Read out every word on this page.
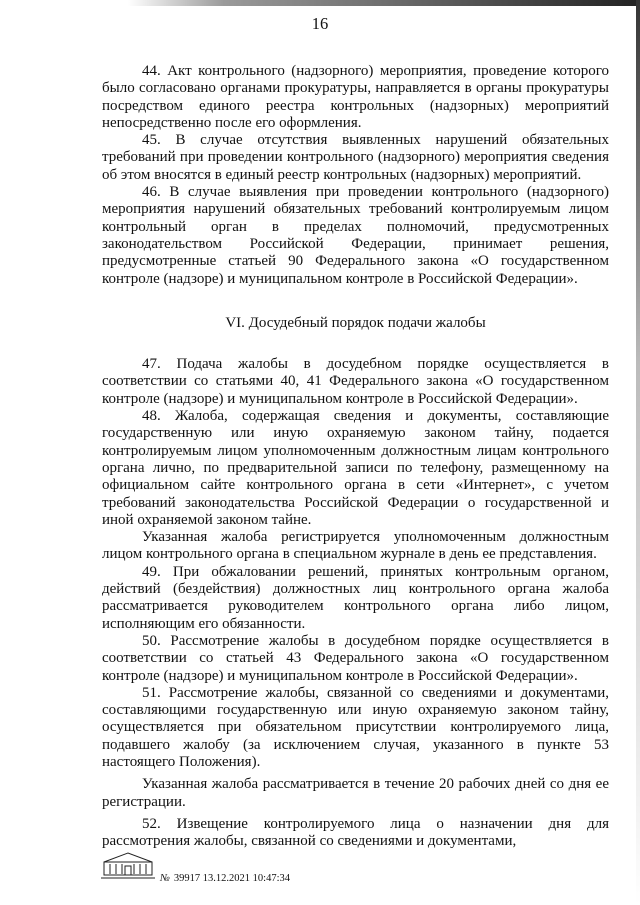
16

44. Акт контрольного (надзорного) мероприятия, проведение которого было согласовано органами прокуратуры, направляется в органы прокуратуры посредством единого реестра контрольных (надзорных) мероприятий непосредственно после его оформления.

45. В случае отсутствия выявленных нарушений обязательных требований при проведении контрольного (надзорного) мероприятия сведения об этом вносятся в единый реестр контрольных (надзорных) мероприятий.

46. В случае выявления при проведении контрольного (надзорного) мероприятия нарушений обязательных требований контролируемым лицом контрольный орган в пределах полномочий, предусмотренных законодательством Российской Федерации, принимает решения, предусмотренные статьей 90 Федерального закона «О государственном контроле (надзоре) и муниципальном контроле в Российской Федерации».

VI. Досудебный порядок подачи жалобы

47. Подача жалобы в досудебном порядке осуществляется в соответствии со статьями 40, 41 Федерального закона «О государственном контроле (надзоре) и муниципальном контроле в Российской Федерации».

48. Жалоба, содержащая сведения и документы, составляющие государственную или иную охраняемую законом тайну, подается контролируемым лицом уполномоченным должностным лицам контрольного органа лично, по предварительной записи по телефону, размещенному на официальном сайте контрольного органа в сети «Интернет», с учетом требований законодательства Российской Федерации о государственной и иной охраняемой законом тайне.

Указанная жалоба регистрируется уполномоченным должностным лицом контрольного органа в специальном журнале в день ее представления.

49. При обжаловании решений, принятых контрольным органом, действий (бездействия) должностных лиц контрольного органа жалоба рассматривается руководителем контрольного органа либо лицом, исполняющим его обязанности.

50. Рассмотрение жалобы в досудебном порядке осуществляется в соответствии со статьей 43 Федерального закона «О государственном контроле (надзоре) и муниципальном контроле в Российской Федерации».

51. Рассмотрение жалобы, связанной со сведениями и документами, составляющими государственную или иную охраняемую законом тайну, осуществляется при обязательном присутствии контролируемого лица, подавшего жалобу (за исключением случая, указанного в пункте 53 настоящего Положения).

Указанная жалоба рассматривается в течение 20 рабочих дней со дня ее регистрации.

52. Извещение контролируемого лица о назначении дня для рассмотрения жалобы, связанной со сведениями и документами,

№ 39917 13.12.2021 10:47:34
